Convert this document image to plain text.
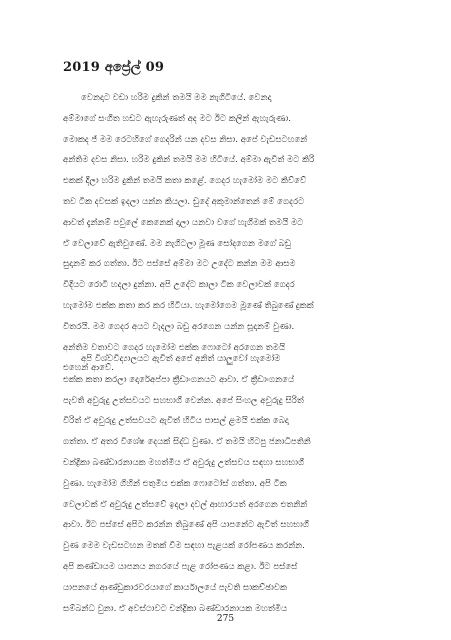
2019 අප්‍රේල් 09
වෙනදාට වඩා හරිම දුකින් තමයි මම නැගිටියේ. වෙනදා
අම්මාගේ සංගීත හඩට ඇහැරුණත් අද මට ඊට කලින් ඇහැරුණා.
මොකද ජ් මම රෙටහිගේ ගෙදරින් යන දවස නිසා. අපේ වැඩසටහනේ
අන්තිම දවස නිසා. හරිම දුකින් තමයි මම හිටියේ. අම්මා ඇවිත් මට කිරි
එකක් දීලා හරිම දුකින් තමයි කතා කළේ. ගෙදර හැමෝම මට කිව්වේ
තව ටික දවසක් ඉදලා යන්න කියලා. ඩුදේ අකුමාන්තෙන් මේ ගෙදරට
ආවත් දැන්නම් පවුලේ කෙනෙක් දාලා යනවා වගේ හැගීමක් තමයි මට
ඒ වෙලාවේ ඇතිවුණේ. මම නැගිටලා මූණ සෝදගෙන මගේ බඩු
සුදානම් කර ගත්තා. ඊට පස්සේ අම්මා මට උදේට කන්න මම ආසම
විදියට රොටි හදලා දුන්නා. අපි උදේට කාලා ටික වෙලාවක් ගෙදර
හැමෝම එක්ක කතා කර කර හිටියා. හැමෝගෙම මූණේ තිබුණේ දුකක්
විතරයි. මම ගෙදර අයට වැදලා බඩු අරගෙන යන්න සූදානම් වුණා.
අන්තිම වතාවට ගෙදර හැමෝම එක්ක ෆොටෝ අරගෙන තමයි
එහෙන් ආවේ.
අපි විශ්වවිද්‍යාලයට ඇවිත් අපේ අනිත් යාලුවෝ හැමෝම
එක්ක කතා කරලා දොරේඅප්පා ක්‍රීඩාංගනයට ආවා. ඒ ක්‍රීඩාංගනයේ
පැවති අවුරුදු උත්සවයට සහභාගී වෙන්න. අපේ සිංහල අවුරුදු සිරිත්
විරිත් ඒ අවුරුදු උත්සවයට ඇවිත් හිටිය පාසල් ළමයි එක්ක බෙදා
ගත්තා. ඒ අතර විශේෂ දෙයක් සිද්ධ වුණා. ඒ තමයි හිටපු ජනාධිපතිනි
චන්ද්‍රිකා බණ්ඩාරනායක මහත්මිය ඒ අවුරුදු උත්සවය සඳහා සහභාගී
වුණා. හැමෝම ගිහින් එතුමිය එක්ක ෆොටෝස් ගත්තා. අපි ටික
වෙලාවක් ඒ අවුරුදු උත්සවේ ඉදලා දවල් ආහාරයත් අරගෙන එතනින්
ආවා. ඊට පස්සේ අපිට කරන්න තිබුණේ අපි යාපනේට ඇවිත් සහභාගී
වුණ මෙම වැඩසටහන මතක් වීම සඳහා පැළයක් රෝපණය කරන්න.
අපි කණ්ඩායම යාපනය නගරයේ පැළ රෝපණය කළා. ඊට පස්සේ
යාපනයේ ආණ්ඩුකාරවරයාගේ කාර්යාලයේ පැවති සාකච්ඡාවක
සම්බන්ධ වුනා. ඒ අවස්ථාවට චන්ද්‍රිකා බණ්ඩාරනායක මහත්මිය
275
